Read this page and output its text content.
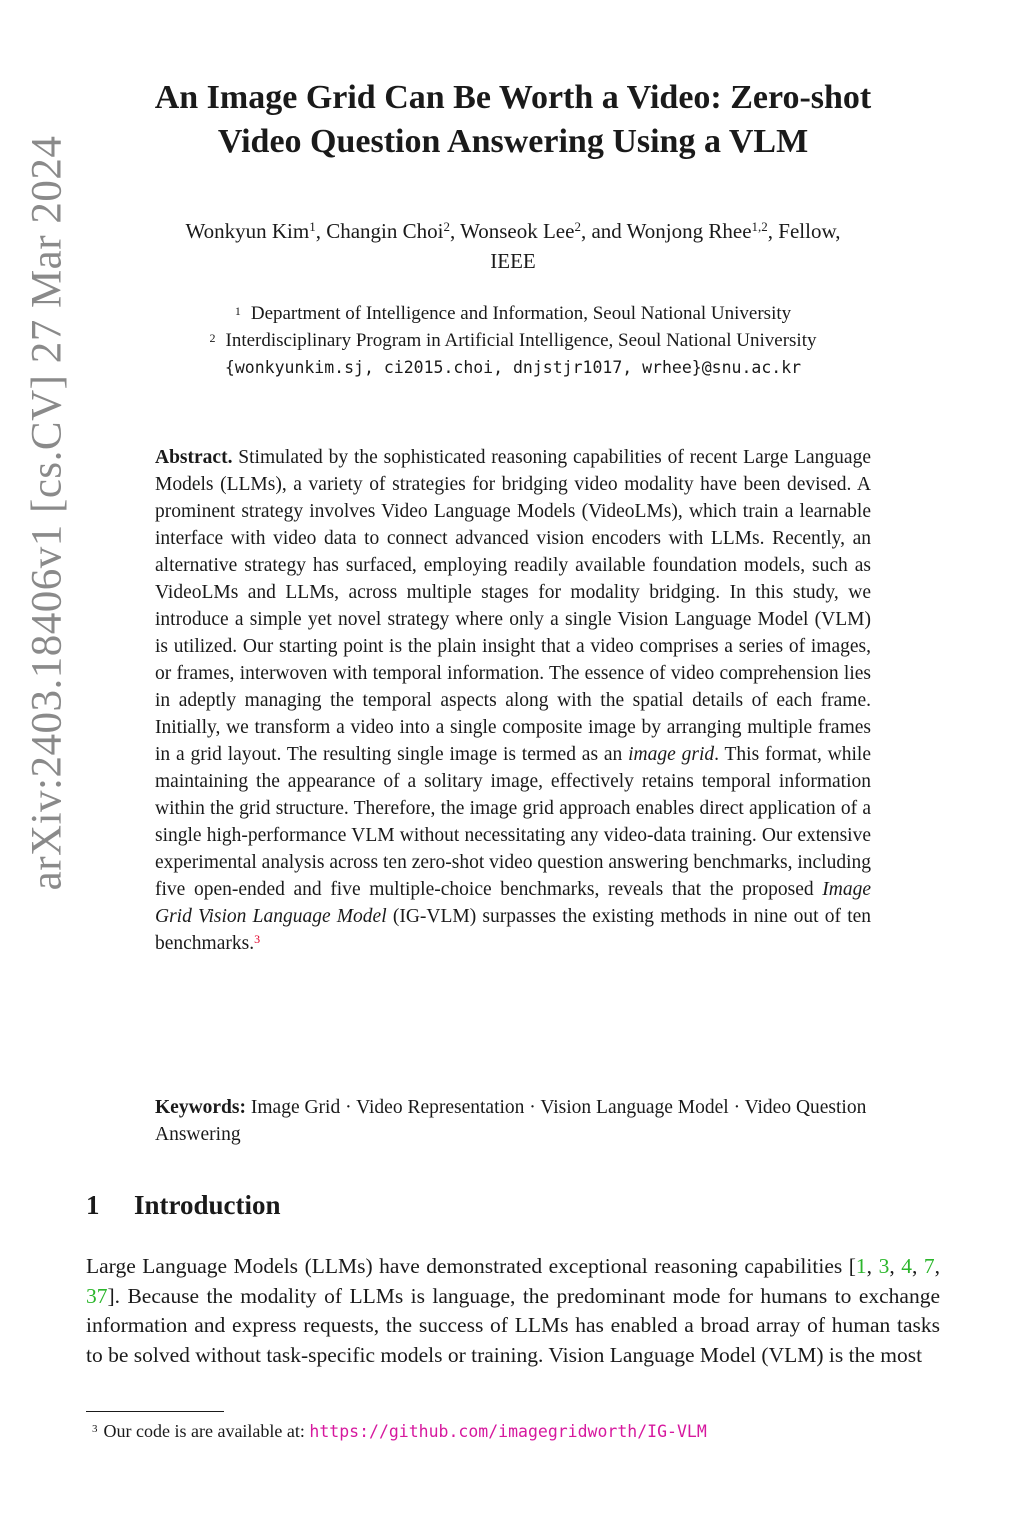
arXiv:2403.18406v1 [cs.CV] 27 Mar 2024
An Image Grid Can Be Worth a Video: Zero-shot
Video Question Answering Using a VLM
Wonkyun Kim$^1$, Changin Choi$^2$, Wonseok Lee$^2$, and Wonjong Rhee$^{1,2}$, Fellow,
IEEE
$^1$ Department of Intelligence and Information, Seoul National University
$^2$ Interdisciplinary Program in Artificial Intelligence, Seoul National University
{wonkyunkim.sj, ci2015.choi, dnjstjr1017, wrhee}@snu.ac.kr
Abstract. Stimulated by the sophisticated reasoning capabilities of recent Large Language Models (LLMs), a variety of strategies for bridging video modality have been devised. A prominent strategy involves Video Language Models (VideoLMs), which train a learnable interface with video data to connect advanced vision encoders with LLMs. Recently, an alternative strategy has surfaced, employing readily available foundation models, such as VideoLMs and LLMs, across multiple stages for modality bridging. In this study, we introduce a simple yet novel strategy where only a single Vision Language Model (VLM) is utilized. Our starting point is the plain insight that a video comprises a series of images, or frames, interwoven with temporal information. The essence of video comprehension lies in adeptly managing the temporal aspects along with the spatial details of each frame. Initially, we transform a video into a single composite image by arranging multiple frames in a grid layout. The resulting single image is termed as an image grid. This format, while maintaining the appearance of a solitary image, effectively retains temporal information within the grid structure. Therefore, the image grid approach enables direct application of a single high-performance VLM without necessitating any video-data training. Our extensive experimental analysis across ten zero-shot video question answering benchmarks, including five open-ended and five multiple-choice benchmarks, reveals that the proposed Image Grid Vision Language Model (IG-VLM) surpasses the existing methods in nine out of ten benchmarks.$^3$
Keywords: Image Grid · Video Representation · Vision Language Model · Video Question Answering
1 Introduction
Large Language Models (LLMs) have demonstrated exceptional reasoning capabilities [1, 3, 4, 7, 37]. Because the modality of LLMs is language, the predominant mode for humans to exchange information and express requests, the success of LLMs has enabled a broad array of human tasks to be solved without task-specific models or training. Vision Language Model (VLM) is the most
$^3$ Our code is are available at: https://github.com/imagegridworth/IG-VLM
